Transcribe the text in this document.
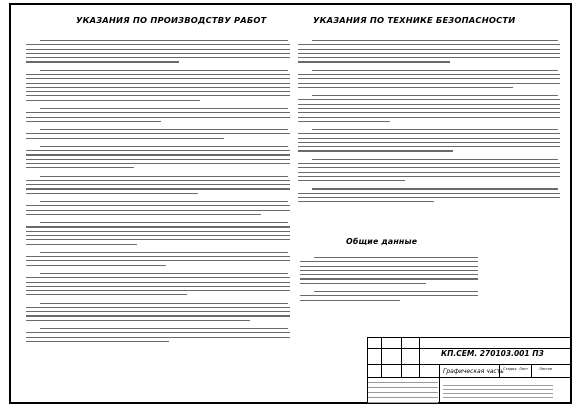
УКАЗАНИЯ ПО ПРОИЗВОДСТВУ РАБОТ	УКАЗАНИЯ ПО ТЕХНИКЕ БЕЗОПАСНОСТИ
Общие данные
КП.СЕМ. 270103.001 ПЗ
Графическая часть Стадия Лист	Листов
